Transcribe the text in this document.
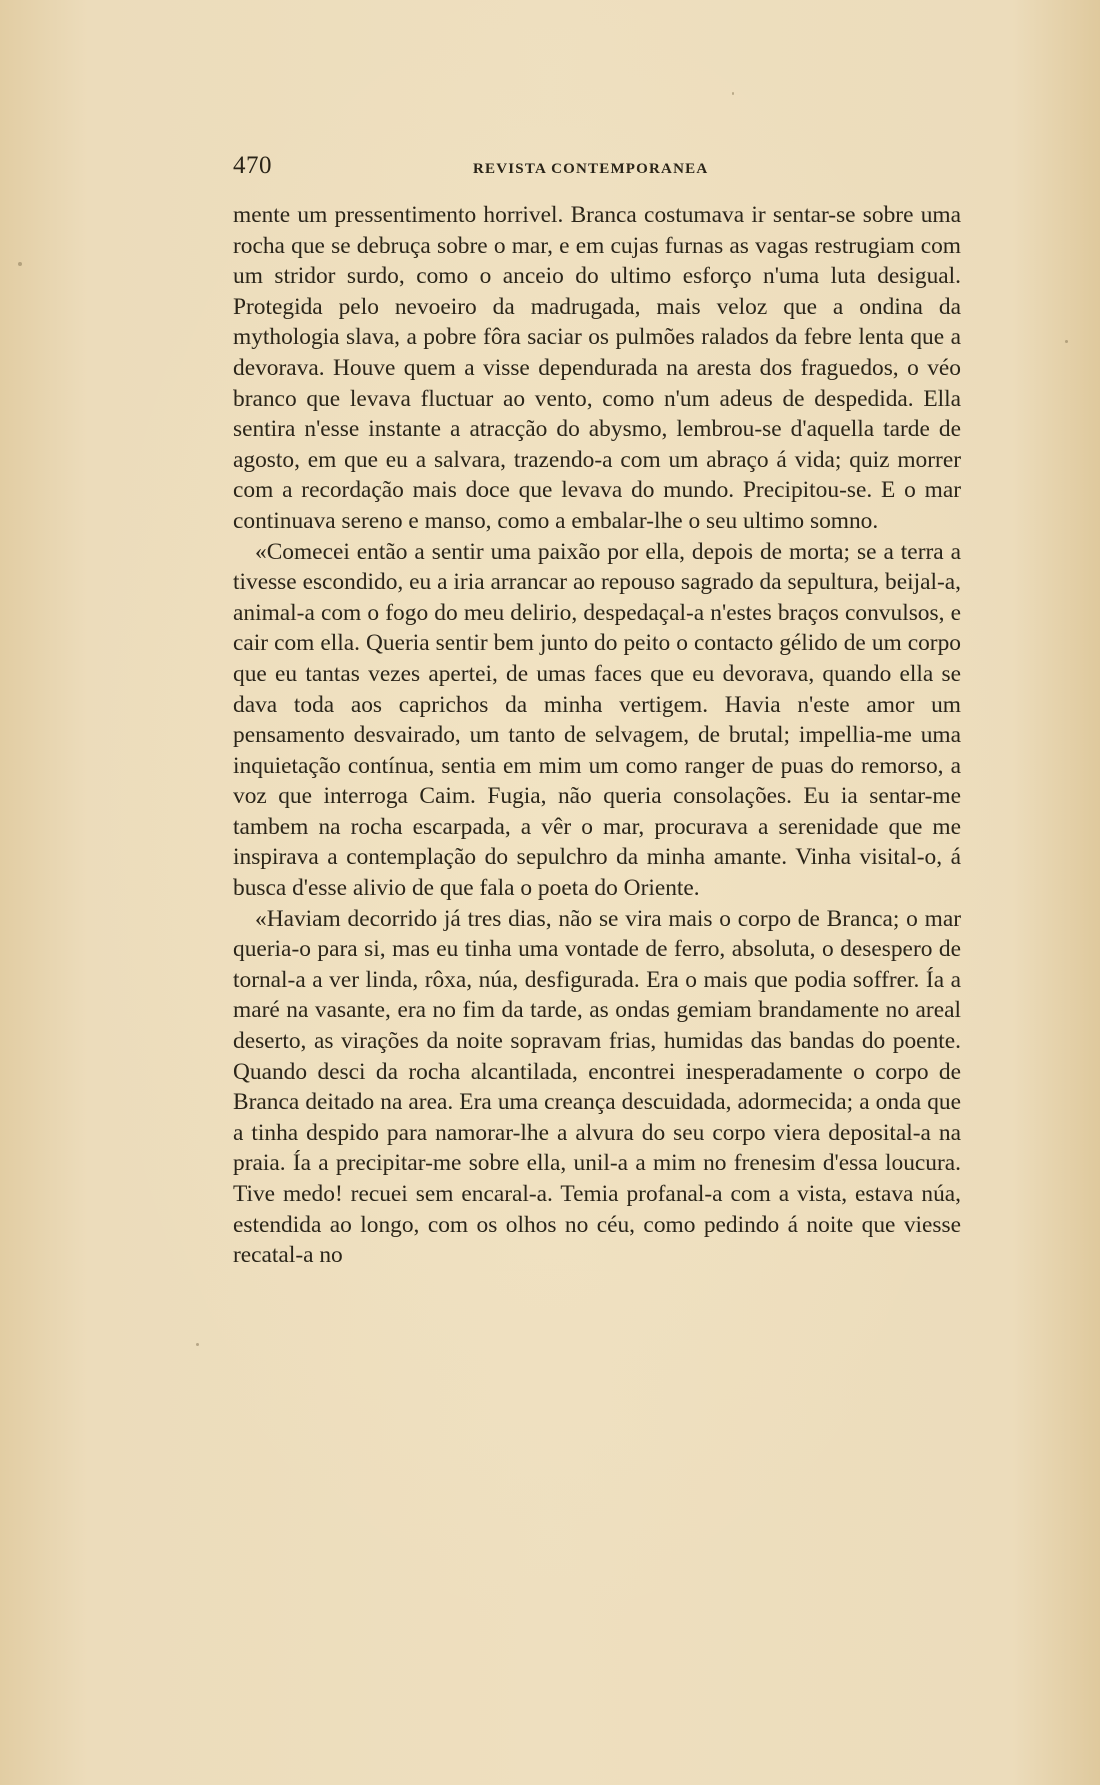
470	REVISTA CONTEMPORANEA

mente um pressentimento horrivel. Branca costumava ir sentar-se sobre uma rocha que se debruça sobre o mar, e em cujas furnas as vagas restrugiam com um stridor surdo, como o anceio do ultimo esforço n'uma luta desigual. Protegida pelo nevoeiro da madrugada, mais veloz que a ondina da mythologia slava, a pobre fôra saciar os pulmões ralados da febre lenta que a devorava. Houve quem a visse dependurada na aresta dos fraguedos, o véo branco que levava fluctuar ao vento, como n'um adeus de despedida. Ella sentira n'esse instante a atracção do abysmo, lembrou-se d'aquella tarde de agosto, em que eu a salvara, trazendo-a com um abraço á vida; quiz morrer com a recordação mais doce que levava do mundo. Precipitou-se. E o mar continuava sereno e manso, como a embalar-lhe o seu ultimo somno.

«Comecei então a sentir uma paixão por ella, depois de morta; se a terra a tivesse escondido, eu a iria arrancar ao repouso sagrado da sepultura, beijal-a, animal-a com o fogo do meu delirio, despedaçal-a n'estes braços convulsos, e cair com ella. Queria sentir bem junto do peito o contacto gélido de um corpo que eu tantas vezes apertei, de umas faces que eu devorava, quando ella se dava toda aos caprichos da minha vertigem. Havia n'este amor um pensamento desvairado, um tanto de selvagem, de brutal; impellia-me uma inquietação contínua, sentia em mim um como ranger de puas do remorso, a voz que interroga Caim. Fugia, não queria consolações. Eu ia sentar-me tambem na rocha escarpada, a vêr o mar, procurava a serenidade que me inspirava a contemplação do sepulchro da minha amante. Vinha visital-o, á busca d'esse alivio de que fala o poeta do Oriente.

«Haviam decorrido já tres dias, não se vira mais o corpo de Branca; o mar queria-o para si, mas eu tinha uma vontade de ferro, absoluta, o desespero de tornal-a a ver linda, rôxa, núa, desfigurada. Era o mais que podia soffrer. Ía a maré na vasante, era no fim da tarde, as ondas gemiam brandamente no areal deserto, as virações da noite sopravam frias, humidas das bandas do poente. Quando desci da rocha alcantilada, encontrei inesperadamente o corpo de Branca deitado na area. Era uma creança descuidada, adormecida; a onda que a tinha despido para namorar-lhe a alvura do seu corpo viera deposital-a na praia. Ía a precipitar-me sobre ella, unil-a a mim no frenesim d'essa loucura. Tive medo! recuei sem encaral-a. Temia profanal-a com a vista, estava núa, estendida ao longo, com os olhos no céu, como pedindo á noite que viesse recatal-a no
